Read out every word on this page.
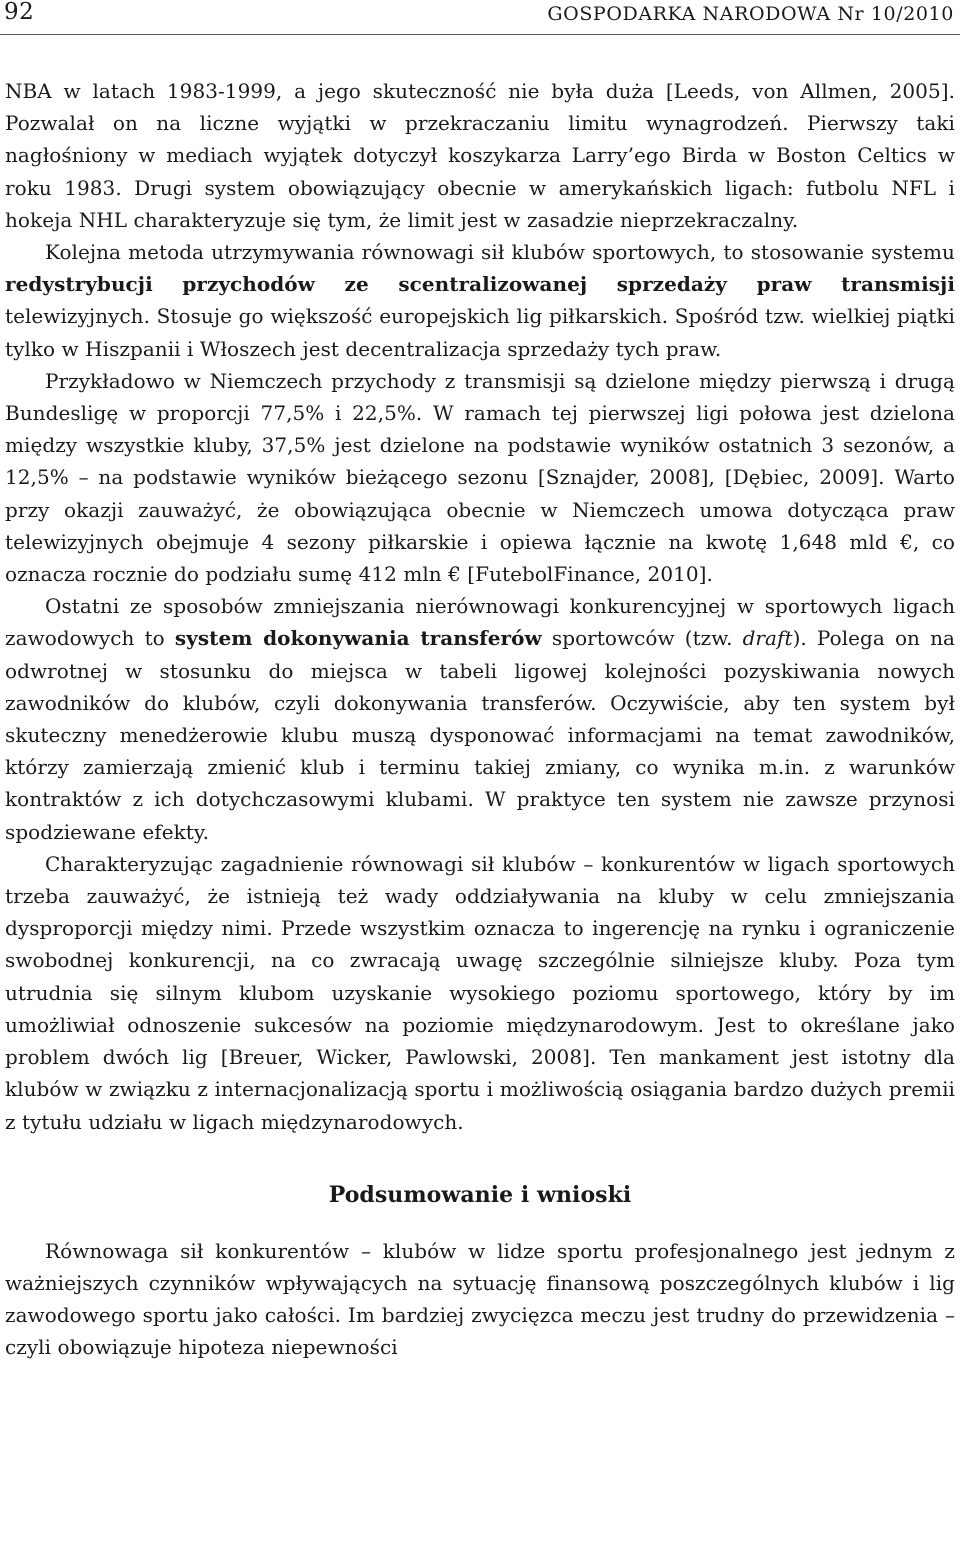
92	GOSPODARKA NARODOWA Nr 10/2010

NBA w latach 1983-1999, a jego skuteczność nie była duża [Leeds, von Allmen, 2005]. Pozwalał on na liczne wyjątki w przekraczaniu limitu wynagrodzeń. Pierwszy taki nagłośniony w mediach wyjątek dotyczył koszykarza Larry’ego Birda w Boston Celtics w roku 1983. Drugi system obowiązujący obecnie w amerykańskich ligach: futbolu NFL i hokeja NHL charakteryzuje się tym, że limit jest w zasadzie nieprzekraczalny.

Kolejna metoda utrzymywania równowagi sił klubów sportowych, to stosowanie systemu redystrybucji przychodów ze scentralizowanej sprzedaży praw transmisji telewizyjnych. Stosuje go większość europejskich lig piłkarskich. Spośród tzw. wielkiej piątki tylko w Hiszpanii i Włoszech jest decentralizacja sprzedaży tych praw.

Przykładowo w Niemczech przychody z transmisji są dzielone między pierwszą i drugą Bundesligę w proporcji 77,5% i 22,5%. W ramach tej pierwszej ligi połowa jest dzielona między wszystkie kluby, 37,5% jest dzielone na podstawie wyników ostatnich 3 sezonów, a 12,5% – na podstawie wyników bieżącego sezonu [Sznajder, 2008], [Dębiec, 2009]. Warto przy okazji zauważyć, że obowiązująca obecnie w Niemczech umowa dotycząca praw telewizyjnych obejmuje 4 sezony piłkarskie i opiewa łącznie na kwotę 1,648 mld €, co oznacza rocznie do podziału sumę 412 mln € [FutebolFinance, 2010].

Ostatni ze sposobów zmniejszania nierównowagi konkurencyjnej w sportowych ligach zawodowych to system dokonywania transferów sportowców (tzw. draft). Polega on na odwrotnej w stosunku do miejsca w tabeli ligowej kolejności pozyskiwania nowych zawodników do klubów, czyli dokonywania transferów. Oczywiście, aby ten system był skuteczny menedżerowie klubu muszą dysponować informacjami na temat zawodników, którzy zamierzają zmienić klub i terminu takiej zmiany, co wynika m.in. z warunków kontraktów z ich dotychczasowymi klubami. W praktyce ten system nie zawsze przynosi spodziewane efekty.

Charakteryzując zagadnienie równowagi sił klubów – konkurentów w ligach sportowych trzeba zauważyć, że istnieją też wady oddziaływania na kluby w celu zmniejszania dysproporcji między nimi. Przede wszystkim oznacza to ingerencję na rynku i ograniczenie swobodnej konkurencji, na co zwracają uwagę szczególnie silniejsze kluby. Poza tym utrudnia się silnym klubom uzyskanie wysokiego poziomu sportowego, który by im umożliwiał odnoszenie sukcesów na poziomie międzynarodowym. Jest to określane jako problem dwóch lig [Breuer, Wicker, Pawlowski, 2008]. Ten mankament jest istotny dla klubów w związku z internacjonalizacją sportu i możliwością osiągania bardzo dużych premii z tytułu udziału w ligach międzynarodowych.

Podsumowanie i wnioski

Równowaga sił konkurentów – klubów w lidze sportu profesjonalnego jest jednym z ważniejszych czynników wpływających na sytuację finansową poszczególnych klubów i lig zawodowego sportu jako całości. Im bardziej zwycięzca meczu jest trudny do przewidzenia – czyli obowiązuje hipoteza niepewności
